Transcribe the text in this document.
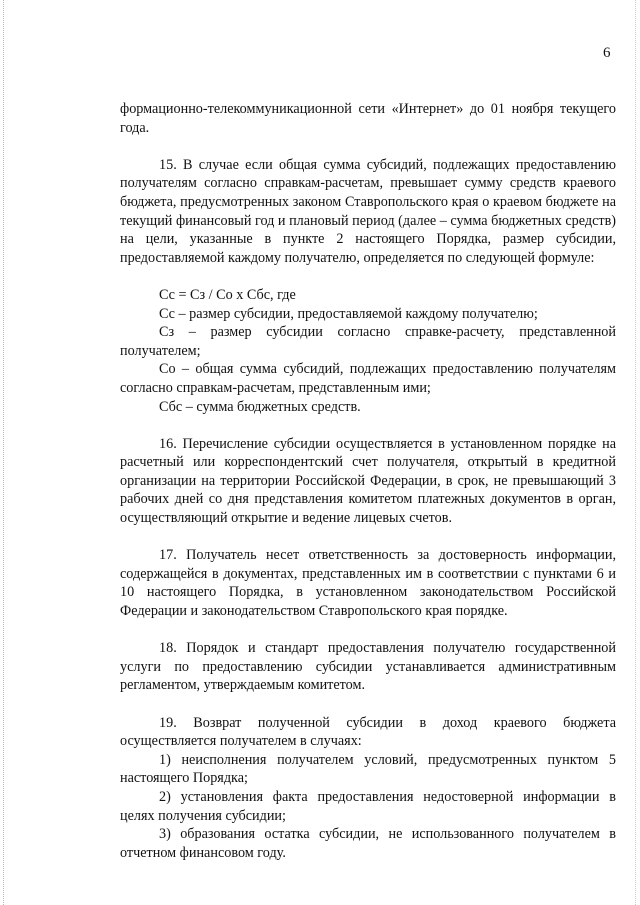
6

формационно-телекоммуникационной сети «Интернет» до 01 ноября текущего года.

15. В случае если общая сумма субсидий, подлежащих предоставлению получателям согласно справкам-расчетам, превышает сумму средств краевого бюджета, предусмотренных законом Ставропольского края о краевом бюджете на текущий финансовый год и плановый период (далее – сумма бюджетных средств) на цели, указанные в пункте 2 настоящего Порядка, размер субсидии, предоставляемой каждому получателю, определяется по следующей формуле:

Сс = Сз / Со х Сбс, где

Сс – размер субсидии, предоставляемой каждому получателю;

Сз – размер субсидии согласно справке-расчету, представленной получателем;

Со – общая сумма субсидий, подлежащих предоставлению получателям согласно справкам-расчетам, представленным ими;

Сбс – сумма бюджетных средств.

16. Перечисление субсидии осуществляется в установленном порядке на расчетный или корреспондентский счет получателя, открытый в кредитной организации на территории Российской Федерации, в срок, не превышающий 3 рабочих дней со дня представления комитетом платежных документов в орган, осуществляющий открытие и ведение лицевых счетов.

17. Получатель несет ответственность за достоверность информации, содержащейся в документах, представленных им в соответствии с пунктами 6 и 10 настоящего Порядка, в установленном законодательством Российской Федерации и законодательством Ставропольского края порядке.

18. Порядок и стандарт предоставления получателю государственной услуги по предоставлению субсидии устанавливается административным регламентом, утверждаемым комитетом.

19. Возврат полученной субсидии в доход краевого бюджета осуществляется получателем в случаях:

1) неисполнения получателем условий, предусмотренных пунктом 5 настоящего Порядка;

2) установления факта предоставления недостоверной информации в целях получения субсидии;

3) образования остатка субсидии, не использованного получателем в отчетном финансовом году.
